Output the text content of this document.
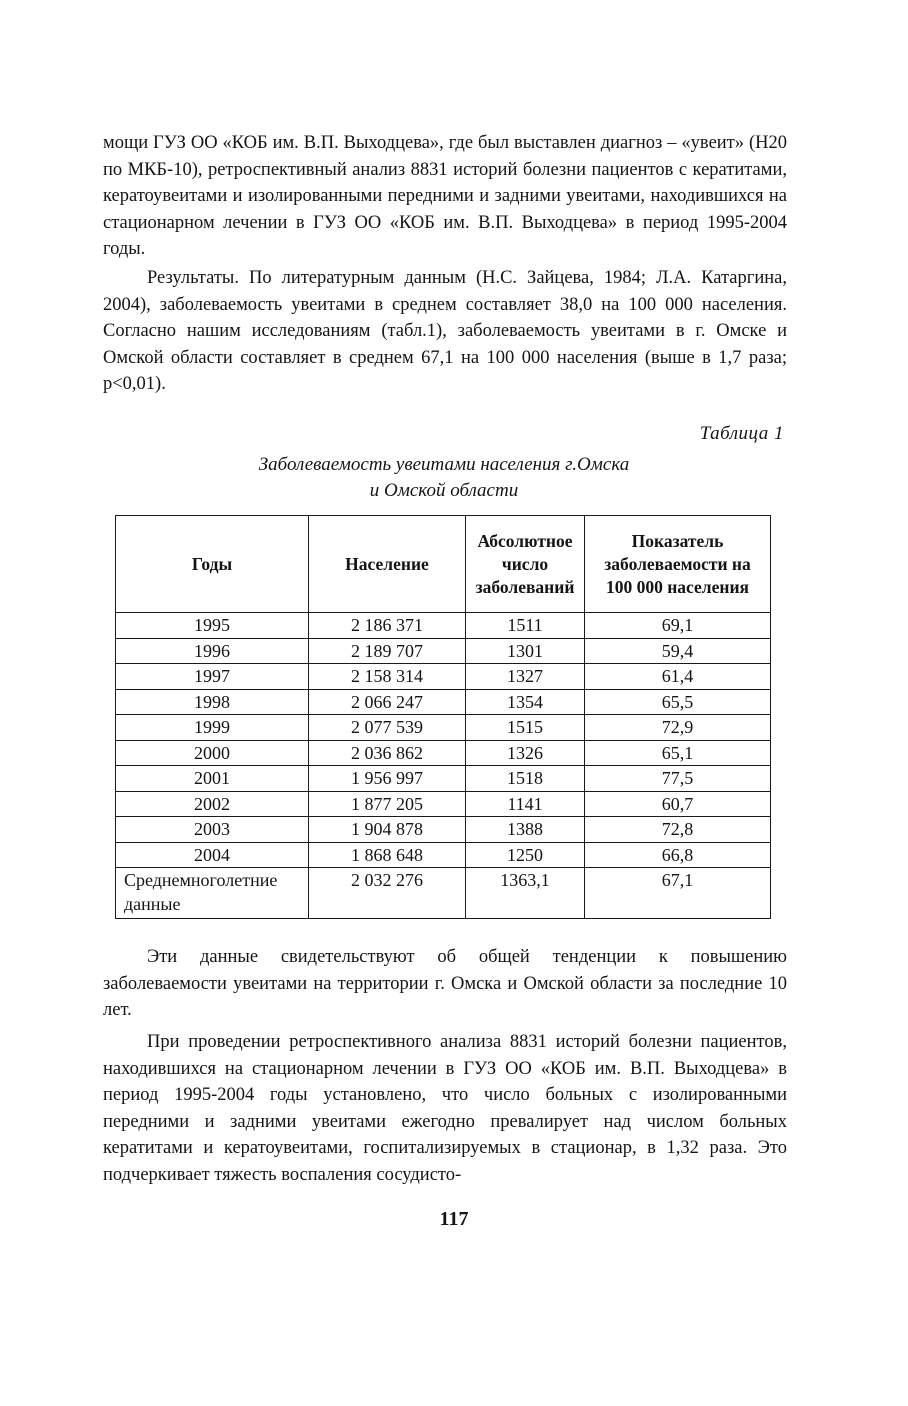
мощи ГУЗ ОО «КОБ им. В.П. Выходцева», где был выставлен диагноз – «увеит» (Н20 по МКБ-10), ретроспективный анализ 8831 историй болезни пациентов с кератитами, кератоувеитами и изолированными передними и задними увеитами, находившихся на стационарном лечении в ГУЗ ОО «КОБ им. В.П. Выходцева» в период 1995-2004 годы.

Результаты. По литературным данным (Н.С. Зайцева, 1984; Л.А. Катаргина, 2004), заболеваемость увеитами в среднем составляет 38,0 на 100 000 населения. Согласно нашим исследованиям (табл.1), заболеваемость увеитами в г. Омске и Омской области составляет в среднем 67,1 на 100 000 населения (выше в 1,7 раза; p<0,01).

Таблица 1
Заболеваемость увеитами населения г.Омска
и Омской области
Годы	Население	Абсолютное число заболеваний	Показатель заболеваемости на 100 000 населения
1995	2 186 371	1511	69,1
1996	2 189 707	1301	59,4
1997	2 158 314	1327	61,4
1998	2 066 247	1354	65,5
1999	2 077 539	1515	72,9
2000	2 036 862	1326	65,1
2001	1 956 997	1518	77,5
2002	1 877 205	1141	60,7
2003	1 904 878	1388	72,8
2004	1 868 648	1250	66,8
Среднемноголетние данные	2 032 276	1363,1	67,1

Эти данные свидетельствуют об общей тенденции к повышению заболеваемости увеитами на территории г. Омска и Омской области за последние 10 лет.

При проведении ретроспективного анализа 8831 историй болезни пациентов, находившихся на стационарном лечении в ГУЗ ОО «КОБ им. В.П. Выходцева» в период 1995-2004 годы установлено, что число больных с изолированными передними и задними увеитами ежегодно превалирует над числом больных кератитами и кератоувеитами, госпитализируемых в стационар, в 1,32 раза. Это подчеркивает тяжесть воспаления сосудисто-

117
